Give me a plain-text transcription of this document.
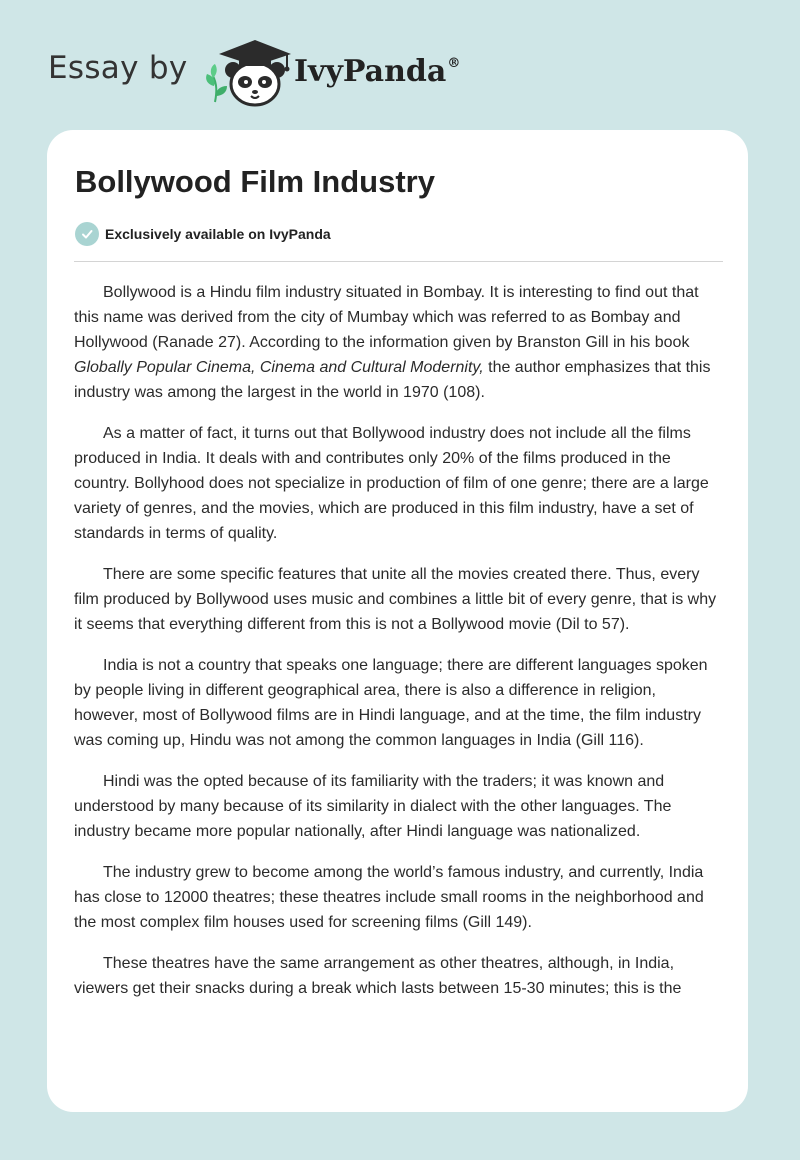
Essay by	IvyPanda®
Bollywood Film Industry
Exclusively available on IvyPanda

Bollywood is a Hindu film industry situated in Bombay. It is interesting to find out that this name was derived from the city of Mumbay which was referred to as Bombay and Hollywood (Ranade 27). According to the information given by Branston Gill in his book Globally Popular Cinema, Cinema and Cultural Modernity, the author emphasizes that this industry was among the largest in the world in 1970 (108).

As a matter of fact, it turns out that Bollywood industry does not include all the films produced in India. It deals with and contributes only 20% of the films produced in the country. Bollyhood does not specialize in production of film of one genre; there are a large variety of genres, and the movies, which are produced in this film industry, have a set of standards in terms of quality.

There are some specific features that unite all the movies created there. Thus, every film produced by Bollywood uses music and combines a little bit of every genre, that is why it seems that everything different from this is not a Bollywood movie (Dil to 57).

India is not a country that speaks one language; there are different languages spoken by people living in different geographical area, there is also a difference in religion, however, most of Bollywood films are in Hindi language, and at the time, the film industry was coming up, Hindu was not among the common languages in India (Gill 116).

Hindi was the opted because of its familiarity with the traders; it was known and understood by many because of its similarity in dialect with the other languages. The industry became more popular nationally, after Hindi language was nationalized.

The industry grew to become among the world’s famous industry, and currently, India has close to 12000 theatres; these theatres include small rooms in the neighborhood and the most complex film houses used for screening films (Gill 149).

These theatres have the same arrangement as other theatres, although, in India, viewers get their snacks during a break which lasts between 15-30 minutes; this is the
